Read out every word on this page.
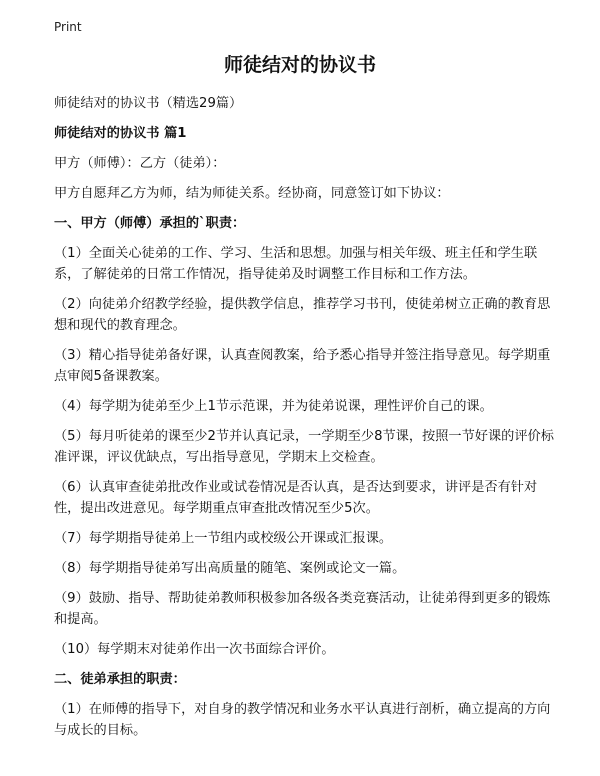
Print
师徒结对的协议书

师徒结对的协议书（精选29篇）

师徒结对的协议书 篇1

甲方（师傅）：乙方（徒弟）：

甲方自愿拜乙方为师，结为师徒关系。经协商，同意签订如下协议：

一、甲方（师傅）承担的`职责：

（1）全面关心徒弟的工作、学习、生活和思想。加强与相关年级、班主任和学生联系，了解徒弟的日常工作情况，指导徒弟及时调整工作目标和工作方法。

（2）向徒弟介绍教学经验，提供教学信息，推荐学习书刊，使徒弟树立正确的教育思想和现代的教育理念。

（3）精心指导徒弟备好课，认真查阅教案，给予悉心指导并签注指导意见。每学期重点审阅5备课教案。

（4）每学期为徒弟至少上1节示范课，并为徒弟说课，理性评价自己的课。

（5）每月听徒弟的课至少2节并认真记录，一学期至少8节课，按照一节好课的评价标准评课，评议优缺点，写出指导意见，学期末上交检查。

（6）认真审查徒弟批改作业或试卷情况是否认真，是否达到要求，讲评是否有针对性，提出改进意见。每学期重点审查批改情况至少5次。

（7）每学期指导徒弟上一节组内或校级公开课或汇报课。

（8）每学期指导徒弟写出高质量的随笔、案例或论文一篇。

（9）鼓励、指导、帮助徒弟教师积极参加各级各类竞赛活动，让徒弟得到更多的锻炼和提高。

（10）每学期末对徒弟作出一次书面综合评价。

二、徒弟承担的职责：

（1）在师傅的指导下，对自身的教学情况和业务水平认真进行剖析，确立提高的方向与成长的目标。
